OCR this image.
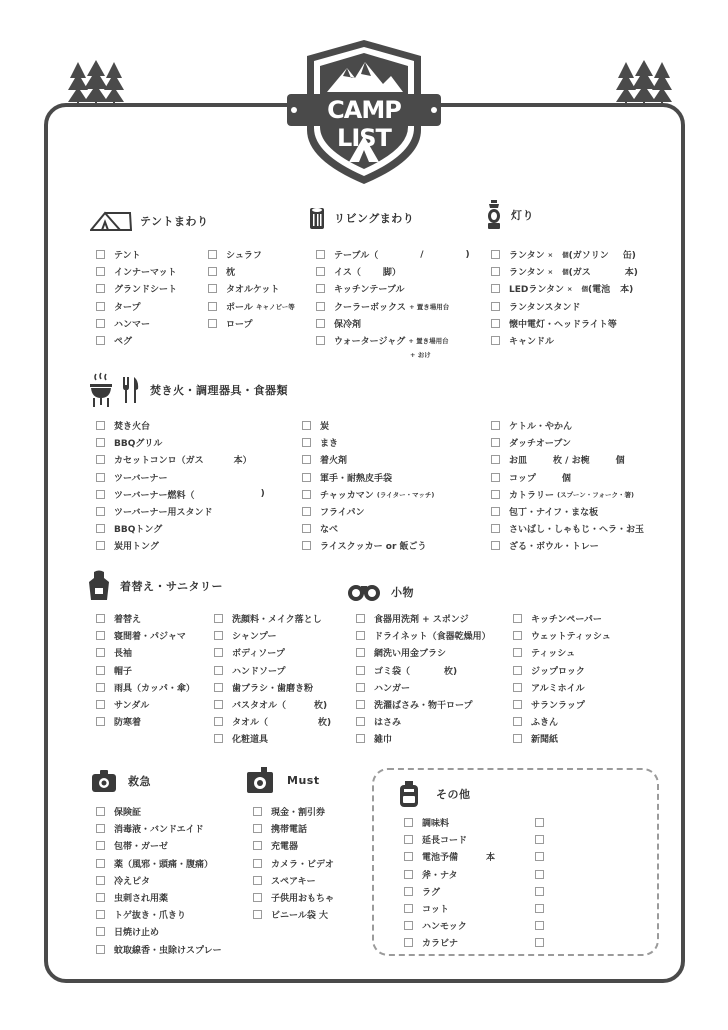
CAMP LIST
テントまわり
テント
インナーマット
グランドシート
タープ
ハンマー
ペグ
シュラフ
枕
タオルケット
ポール
キャノピー等
ロープ
リビングまわり
テーブル（	/	)
イス（ 脚）
キッチンテーブル
クーラーボックス
+ 置き場用台
保冷剤
ウォータージャグ
+ 置き場用台
+ おけ
灯り
ランタン × 個 (ガソリン 缶)
ランタン × 個 (ガス	本)
LEDランタン × 個 (電池 本)
ランタンスタンド
懐中電灯・ヘッドライト等
キャンドル
焚き火・調理器具・食器類
焚き火台
BBQグリル
カセットコンロ（ガス	本）
ツーバーナー
ツーバーナー燃料（	)
ツーバーナー用スタンド
BBQトング
炭用トング
炭
まき
着火剤
軍手・耐熱皮手袋
チャッカマン
(ライター・マッチ)
フライパン
なべ
ライスクッカー or 飯ごう
ケトル・やかん
ダッチオーブン
お皿	枚 / お椀	個
コップ	個
カトラリー
(スプーン・フォーク・箸)
包丁・ナイフ・まな板
さいばし・しゃもじ・ヘラ・お玉
ざる・ボウル・トレー
着替え・サニタリー
着替え
寝間着・パジャマ
長袖
帽子
雨具（カッパ・傘）
サンダル
防寒着
洗顔料・メイク落とし
シャンプー
ボディソープ
ハンドソープ
歯ブラシ・歯磨き粉
バスタオル（	枚)
タオル（	枚)
化粧道具
小物
食器用洗剤 + スポンジ
ドライネット（食器乾燥用）
網洗い用金ブラシ
ゴミ袋（	枚)
ハンガー
洗濯ばさみ・物干ロープ
はさみ
雑巾
キッチンペーパー
ウェットティッシュ
ティッシュ
ジップロック
アルミホイル
サランラップ
ふきん
新聞紙
救急
保険証
消毒液・バンドエイド
包帯・ガーゼ
薬（風邪・頭痛・腹痛）
冷えピタ
虫刺され用薬
トゲ抜き・爪きり
日焼け止め
蚊取線香・虫除けスプレー
Must
現金・割引券
携帯電話
充電器
カメラ・ビデオ
スペアキー
子供用おもちゃ
ビニール袋 大
その他
調味料
延長コード
電池予備	本
斧・ナタ
ラグ
コット
ハンモック
カラビナ
